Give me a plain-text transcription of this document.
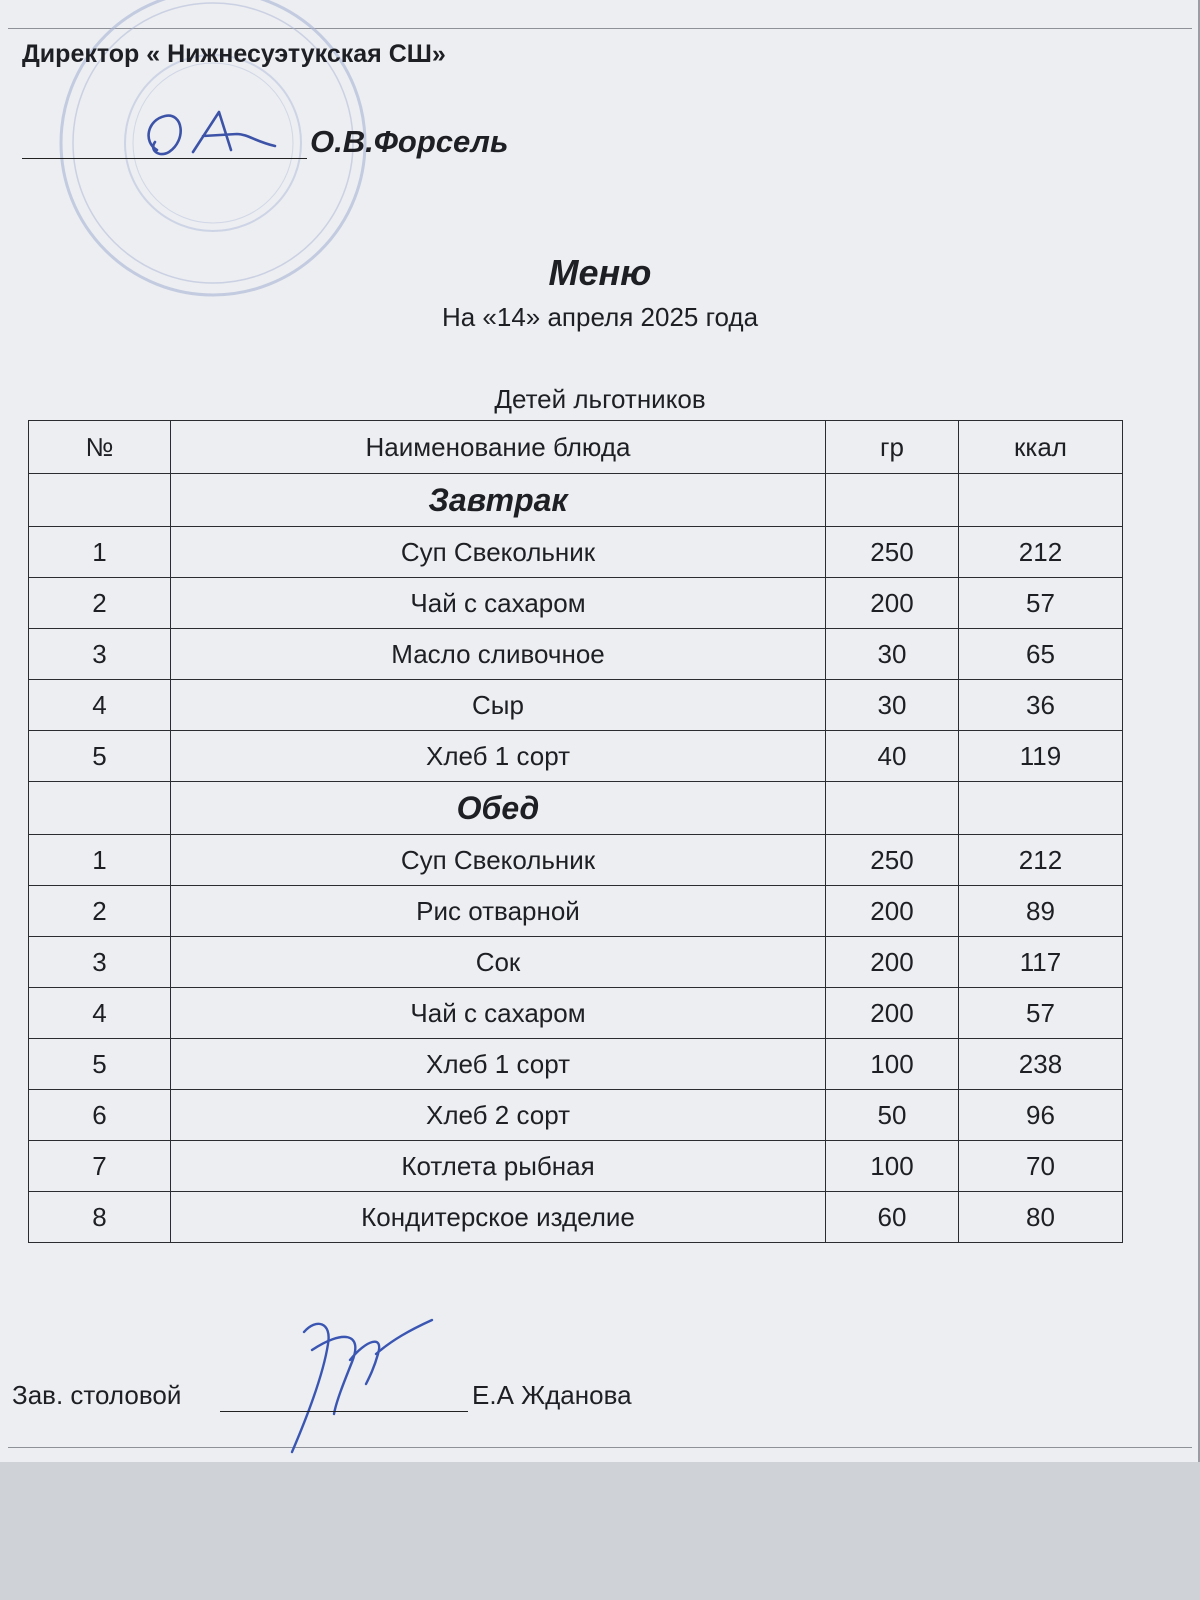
Директор « Нижнесуэтукская СШ»
О.В.Форсель
Меню
На «14» апреля 2025 года
Детей льготников
№	Наименование блюда	гр	ккал
	Завтрак		
1	Суп Свекольник	250	212
2	Чай с сахаром	200	57
3	Масло сливочное	30	65
4	Сыр	30	36
5	Хлеб 1 сорт	40	119
	Обед		
1	Суп Свекольник	250	212
2	Рис отварной	200	89
3	Сок	200	117
4	Чай с сахаром	200	57
5	Хлеб 1 сорт	100	238
6	Хлеб 2 сорт	50	96
7	Котлета рыбная	100	70
8	Кондитерское изделие	60	80
Зав. столовой	Е.А Жданова
